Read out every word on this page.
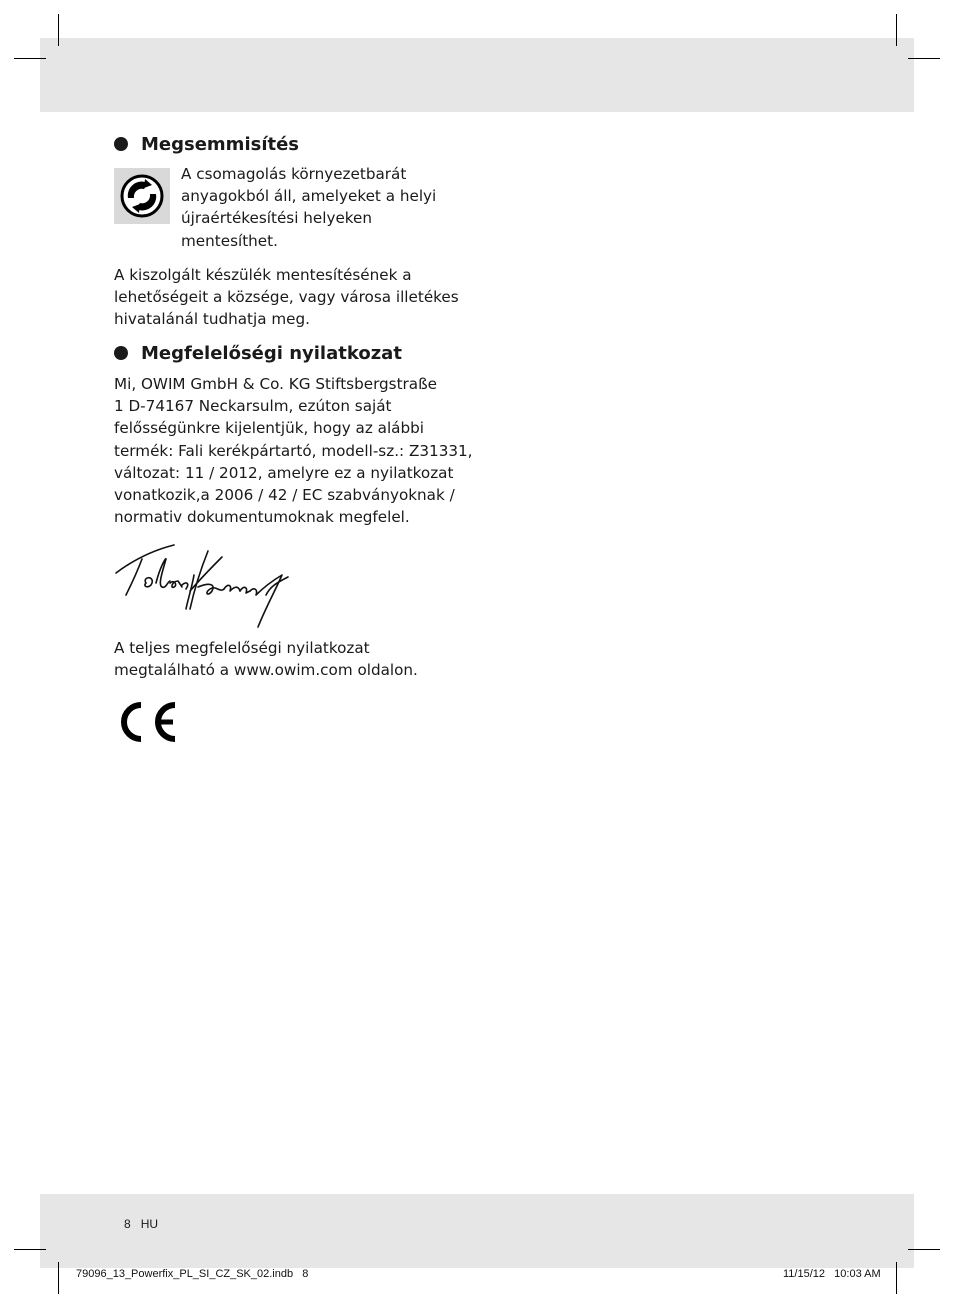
Megsemmisítés
A csomagolás környezetbarát
anyagokból áll, amelyeket a helyi
újraértékesítési helyeken
mentesíthet.
A kiszolgált készülék mentesítésének a
lehetőségeit a községe, vagy városa illetékes
hivatalánál tudhatja meg.
Megfelelőségi nyilatkozat
Mi, OWIM GmbH & Co. KG Stiftsbergstraße
1 D-74167 Neckarsulm, ezúton saját
felősségünkre kijelentjük, hogy az alábbi
termék: Fali kerékpártartó, modell-sz.: Z31331,
változat: 11 / 2012, amelyre ez a nyilatkozat
vonatkozik,a 2006 / 42 / EC szabványoknak /
normativ dokumentumoknak megfelel.
A teljes megfelelőségi nyilatkozat
megtalálható a www.owim.com oldalon.
8 HU
79096_13_Powerfix_PL_SI_CZ_SK_02.indb   8	11/15/12   10:03 AM
